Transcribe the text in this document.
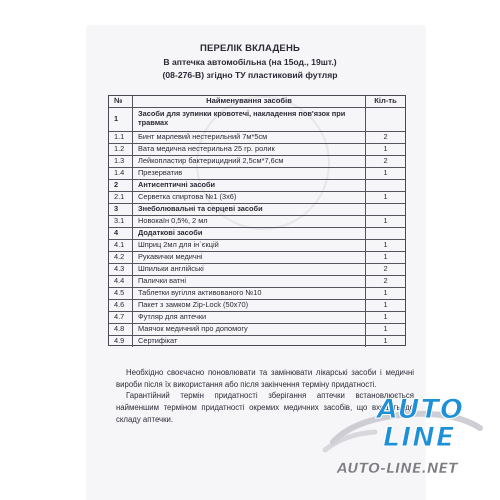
ПЕРЕЛІК ВКЛАДЕНЬ
В аптечка автомобільна (на 15од., 19шт.)
(08-276-В) згідно ТУ пластиковий футляр
№	Найменування засобів	Кіл-ть
1	Засоби для зупинки кровотечі, накладення пов'язок при травмах
1.1	Бинт марлевий нестерильний 7м*5см	2
1.2	Вата медична нестерильна 25 гр. ролик	1
1.3	Лейкопластир бактерицидний 2,5см*7,6см	2
1.4	Презерватив	1
2	Антисептичні засоби
2.1	Серветка спиртова №1 (3х6)	1
3	Знеболювальні та серцеві засоби
3.1	Новокаїн 0,5%, 2 мл	1
4	Додаткові засоби
4.1	Шприц 2мл для ін`єкцій	1
4.2	Рукавички медичні	1
4.3	Шпильки англійські	2
4.4	Палички ватні	2
4.5	Таблетки вугілля активованого №10	1
4.6	Пакет з замком Zip-Lock (50х70)	1
4.7	Футляр для аптечки	1
4.8	Маячок медичний про допомогу	1
4.9	Сертифікат	1

Необхідно своєчасно поновлювати та замінювати лікарські засоби і медичні вироби після їх використання або після закінчення терміну придатності.

Гарантійний термін придатності зберігання аптечки встановлюється найменшим терміном придатності окремих медичних засобів, що входять до складу аптечки.	AUTO
LINE
AUTO-LINE.NET
